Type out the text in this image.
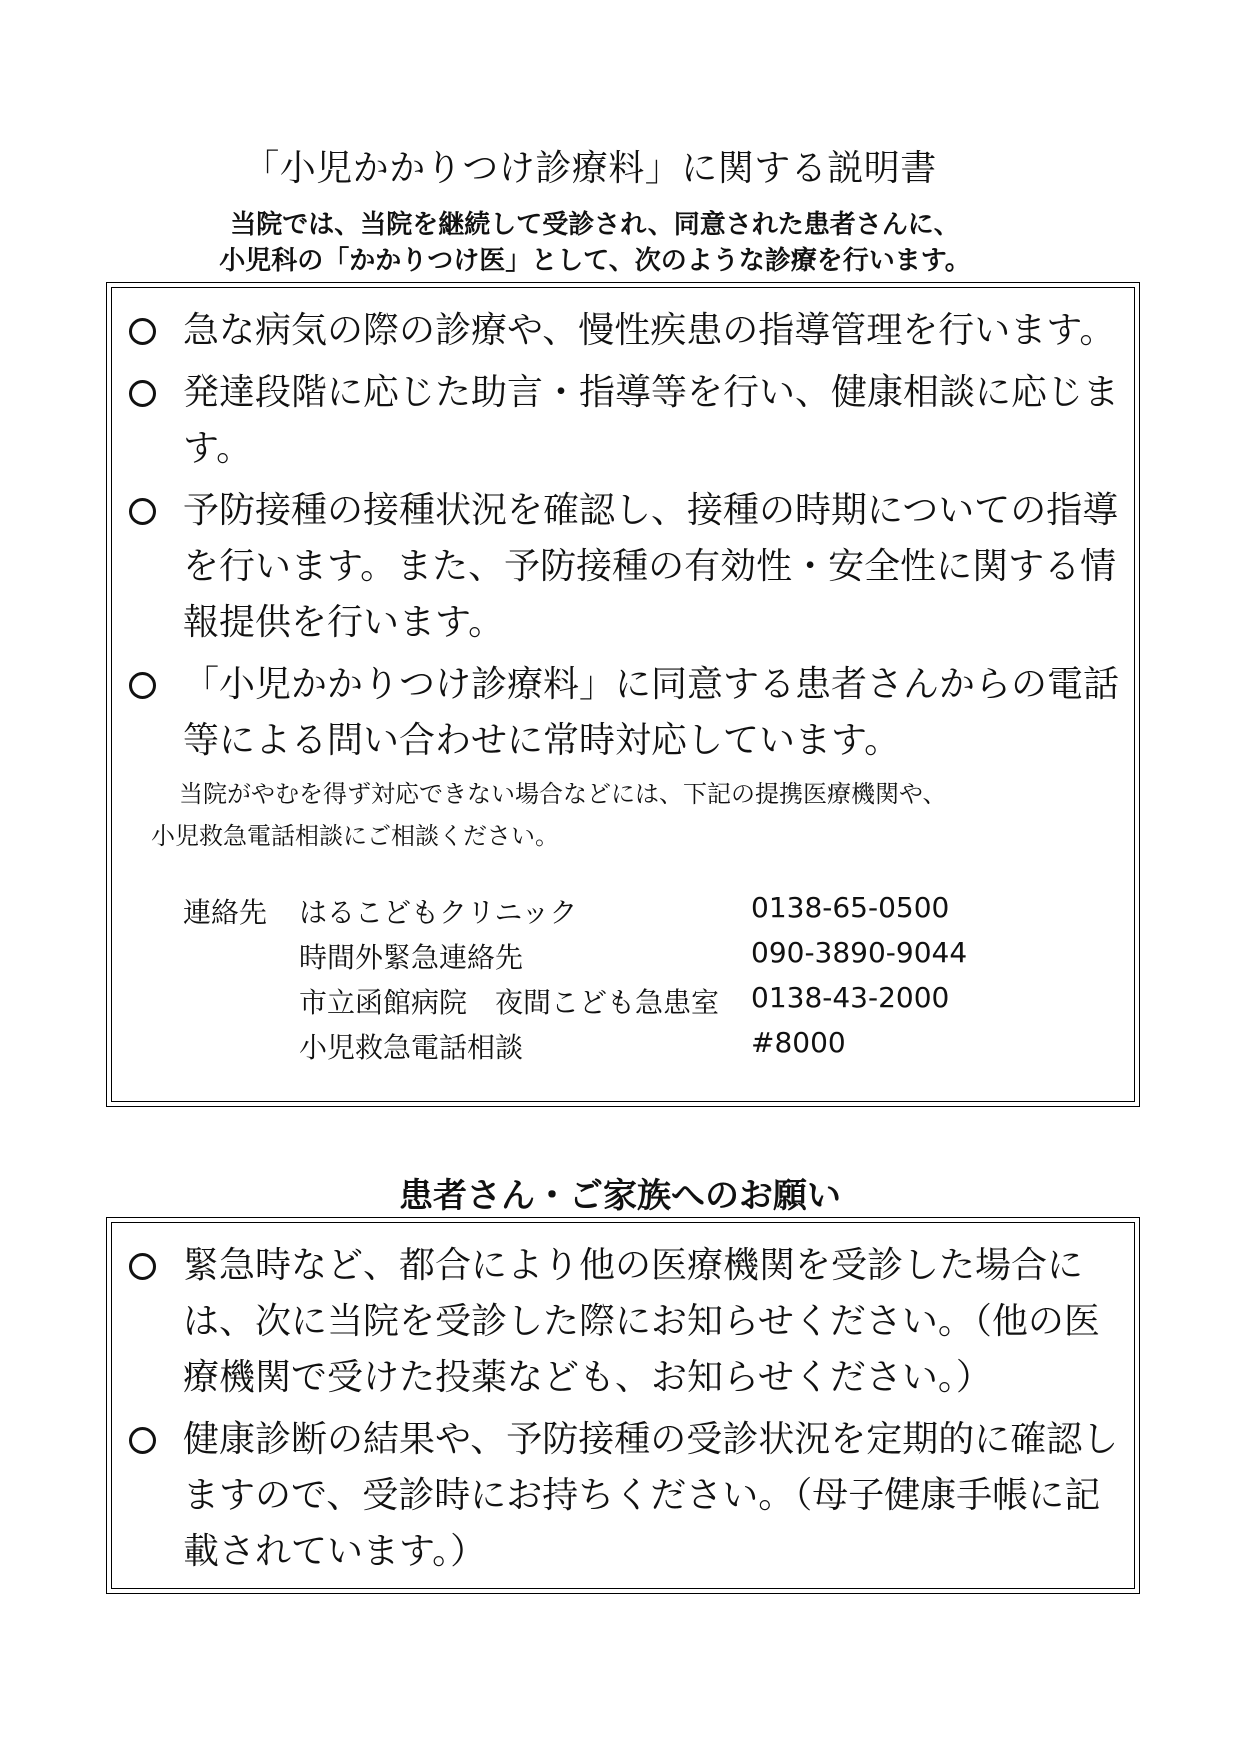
「小児かかりつけ診療料」に関する説明書
当院では、当院を継続して受診され、同意された患者さんに、
小児科の「かかりつけ医」として、次のような診療を行います。
急な病気の際の診療や、慢性疾患の指導管理を行います。
発達段階に応じた助言・指導等を行い、健康相談に応じます。
予防接種の接種状況を確認し、接種の時期についての指導を行います。また、予防接種の有効性・安全性に関する情報提供を行います。
「小児かかりつけ診療料」に同意する患者さんからの電話等による問い合わせに常時対応しています。
当院がやむを得ず対応できない場合などには、下記の提携医療機関や、
小児救急電話相談にご相談ください。
連絡先 はるこどもクリニック	0138-65-0500
時間外緊急連絡先	090-3890-9044
市立函館病院　夜間こども急患室 0138-43-2000
小児救急電話相談	#8000
患者さん・ご家族へのお願い
緊急時など、都合により他の医療機関を受診した場合には、次に当院を受診した際にお知らせください。（他の医療機関で受けた投薬なども、お知らせください。）
健康診断の結果や、予防接種の受診状況を定期的に確認しますので、受診時にお持ちください。（母子健康手帳に記載されています。）
